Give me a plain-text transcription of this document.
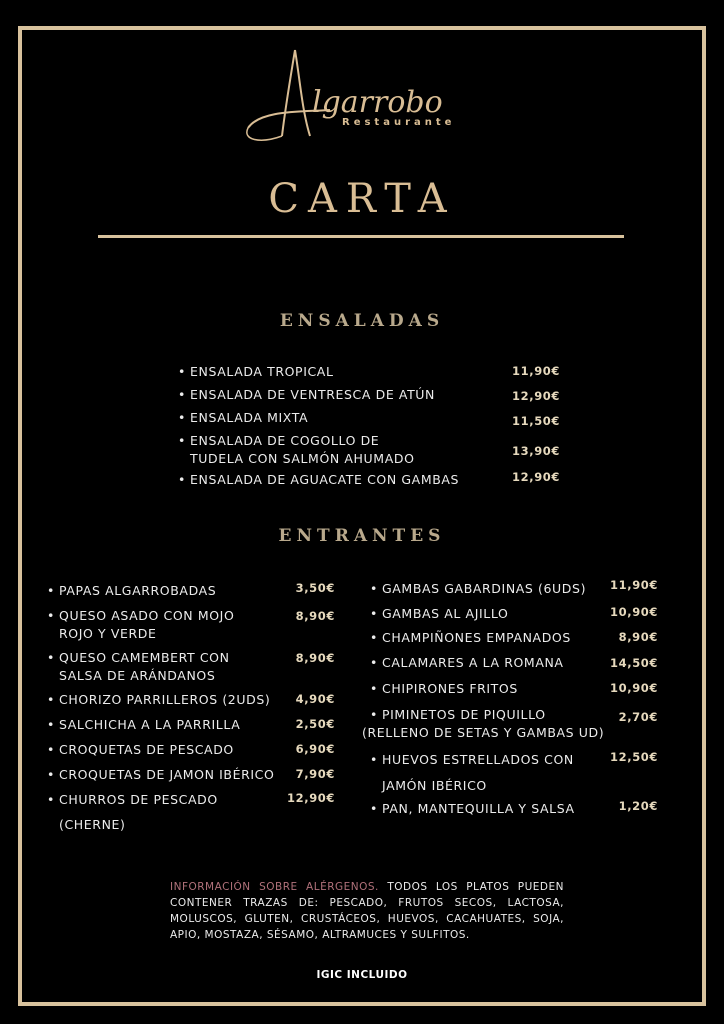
lgarrobo
Restaurante
CARTA
ENSALADAS
• ENSALADA TROPICAL	11,90€
• ENSALADA DE VENTRESCA DE ATÚN	12,90€
• ENSALADA MIXTA	11,50€
• ENSALADA DE COGOLLO DE
TUDELA CON SALMÓN AHUMADO	13,90€
• ENSALADA DE AGUACATE CON GAMBAS	12,90€
ENTRANTES
• PAPAS ALGARROBADAS	3,50€
• QUESO ASADO CON MOJO
ROJO Y VERDE
8,90€
• QUESO CAMEMBERT CON
SALSA DE ARÁNDANOS
8,90€
• CHORIZO PARRILLEROS (2UDS)	4,90€
• SALCHICHA A LA PARRILLA	2,50€
• CROQUETAS DE PESCADO	6,90€
• CROQUETAS DE JAMON IBÉRICO	7,90€
• CHURROS DE PESCADO
(CHERNE)
12,90€
• GAMBAS GABARDINAS (6UDS)	11,90€
• GAMBAS AL AJILLO	10,90€
• CHAMPIÑONES EMPANADOS	8,90€
• CALAMARES A LA ROMANA	14,50€
• CHIPIRONES FRITOS	10,90€
• PIMINETOS DE PIQUILLO
(RELLENO DE SETAS Y GAMBAS UD)
2,70€
• HUEVOS ESTRELLADOS CON
JAMÓN IBÉRICO
12,50€
• PAN, MANTEQUILLA Y SALSA	1,20€
INFORMACIÓN SOBRE ALÉRGENOS. TODOS LOS PLATOS PUEDEN CONTENER TRAZAS DE: PESCADO, FRUTOS SECOS, LACTOSA, MOLUSCOS, GLUTEN, CRUSTÁCEOS, HUEVOS, CACAHUATES, SOJA, APIO, MOSTAZA, SÉSAMO, ALTRAMUCES Y SULFITOS.
IGIC INCLUIDO
